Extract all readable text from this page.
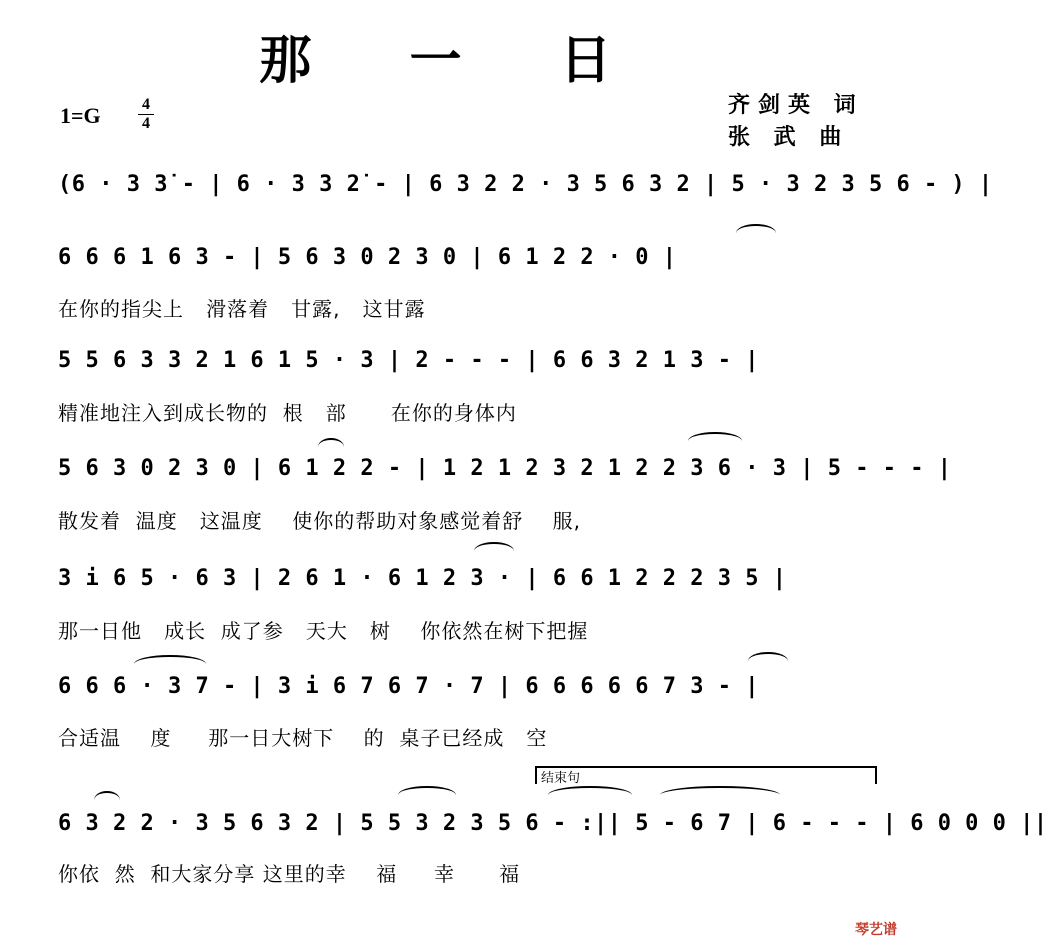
那 一 日
1=G	4
4
齐剑英 词
张 武 曲
(6 · 3 3̇ - | 6 · 3 3 2̇ - | 6 3 2 2 · 3 5 6 3 2 | 5 · 3 2 3 5 6 - ) |
6 6 6 1 6 3 - | 5 6 3 0 2 3 0 | 6 1 2 2 · 0 |
在你的指尖上   滑落着   甘露,   这甘露
5 5 6 3 3 2 1 6 1 5 · 3 | 2 - - - | 6 6 3 2 1 3 - |
精准地注入到成长物的  根   部      在你的身体内
5 6 3 0 2 3 0 | 6 1 2 2 - | 1 2 1 2 3 2 1 2 2 3 6 · 3 | 5 - - - |
散发着  温度   这温度    使你的帮助对象感觉着舒    服,
3 i 6 5 · 6 3 | 2 6 1 · 6 1 2 3 · | 6 6 1 2 2 2 3 5 |
那一日他   成长  成了参   天大   树    你依然在树下把握
6 6 6 · 3 7 - | 3 i 6 7 6 7 · 7 | 6 6 6 6 6 7 3 - |
合适温    度     那一日大树下    的  桌子已经成   空
结束句
6 3 2 2 · 3 5 6 3 2 | 5 5 3 2 3 5 6 - :|| 5 - 6 7 | 6 - - - | 6 0 0 0 ||
你依  然  和大家分享 这里的幸    福     幸      福
琴艺谱
